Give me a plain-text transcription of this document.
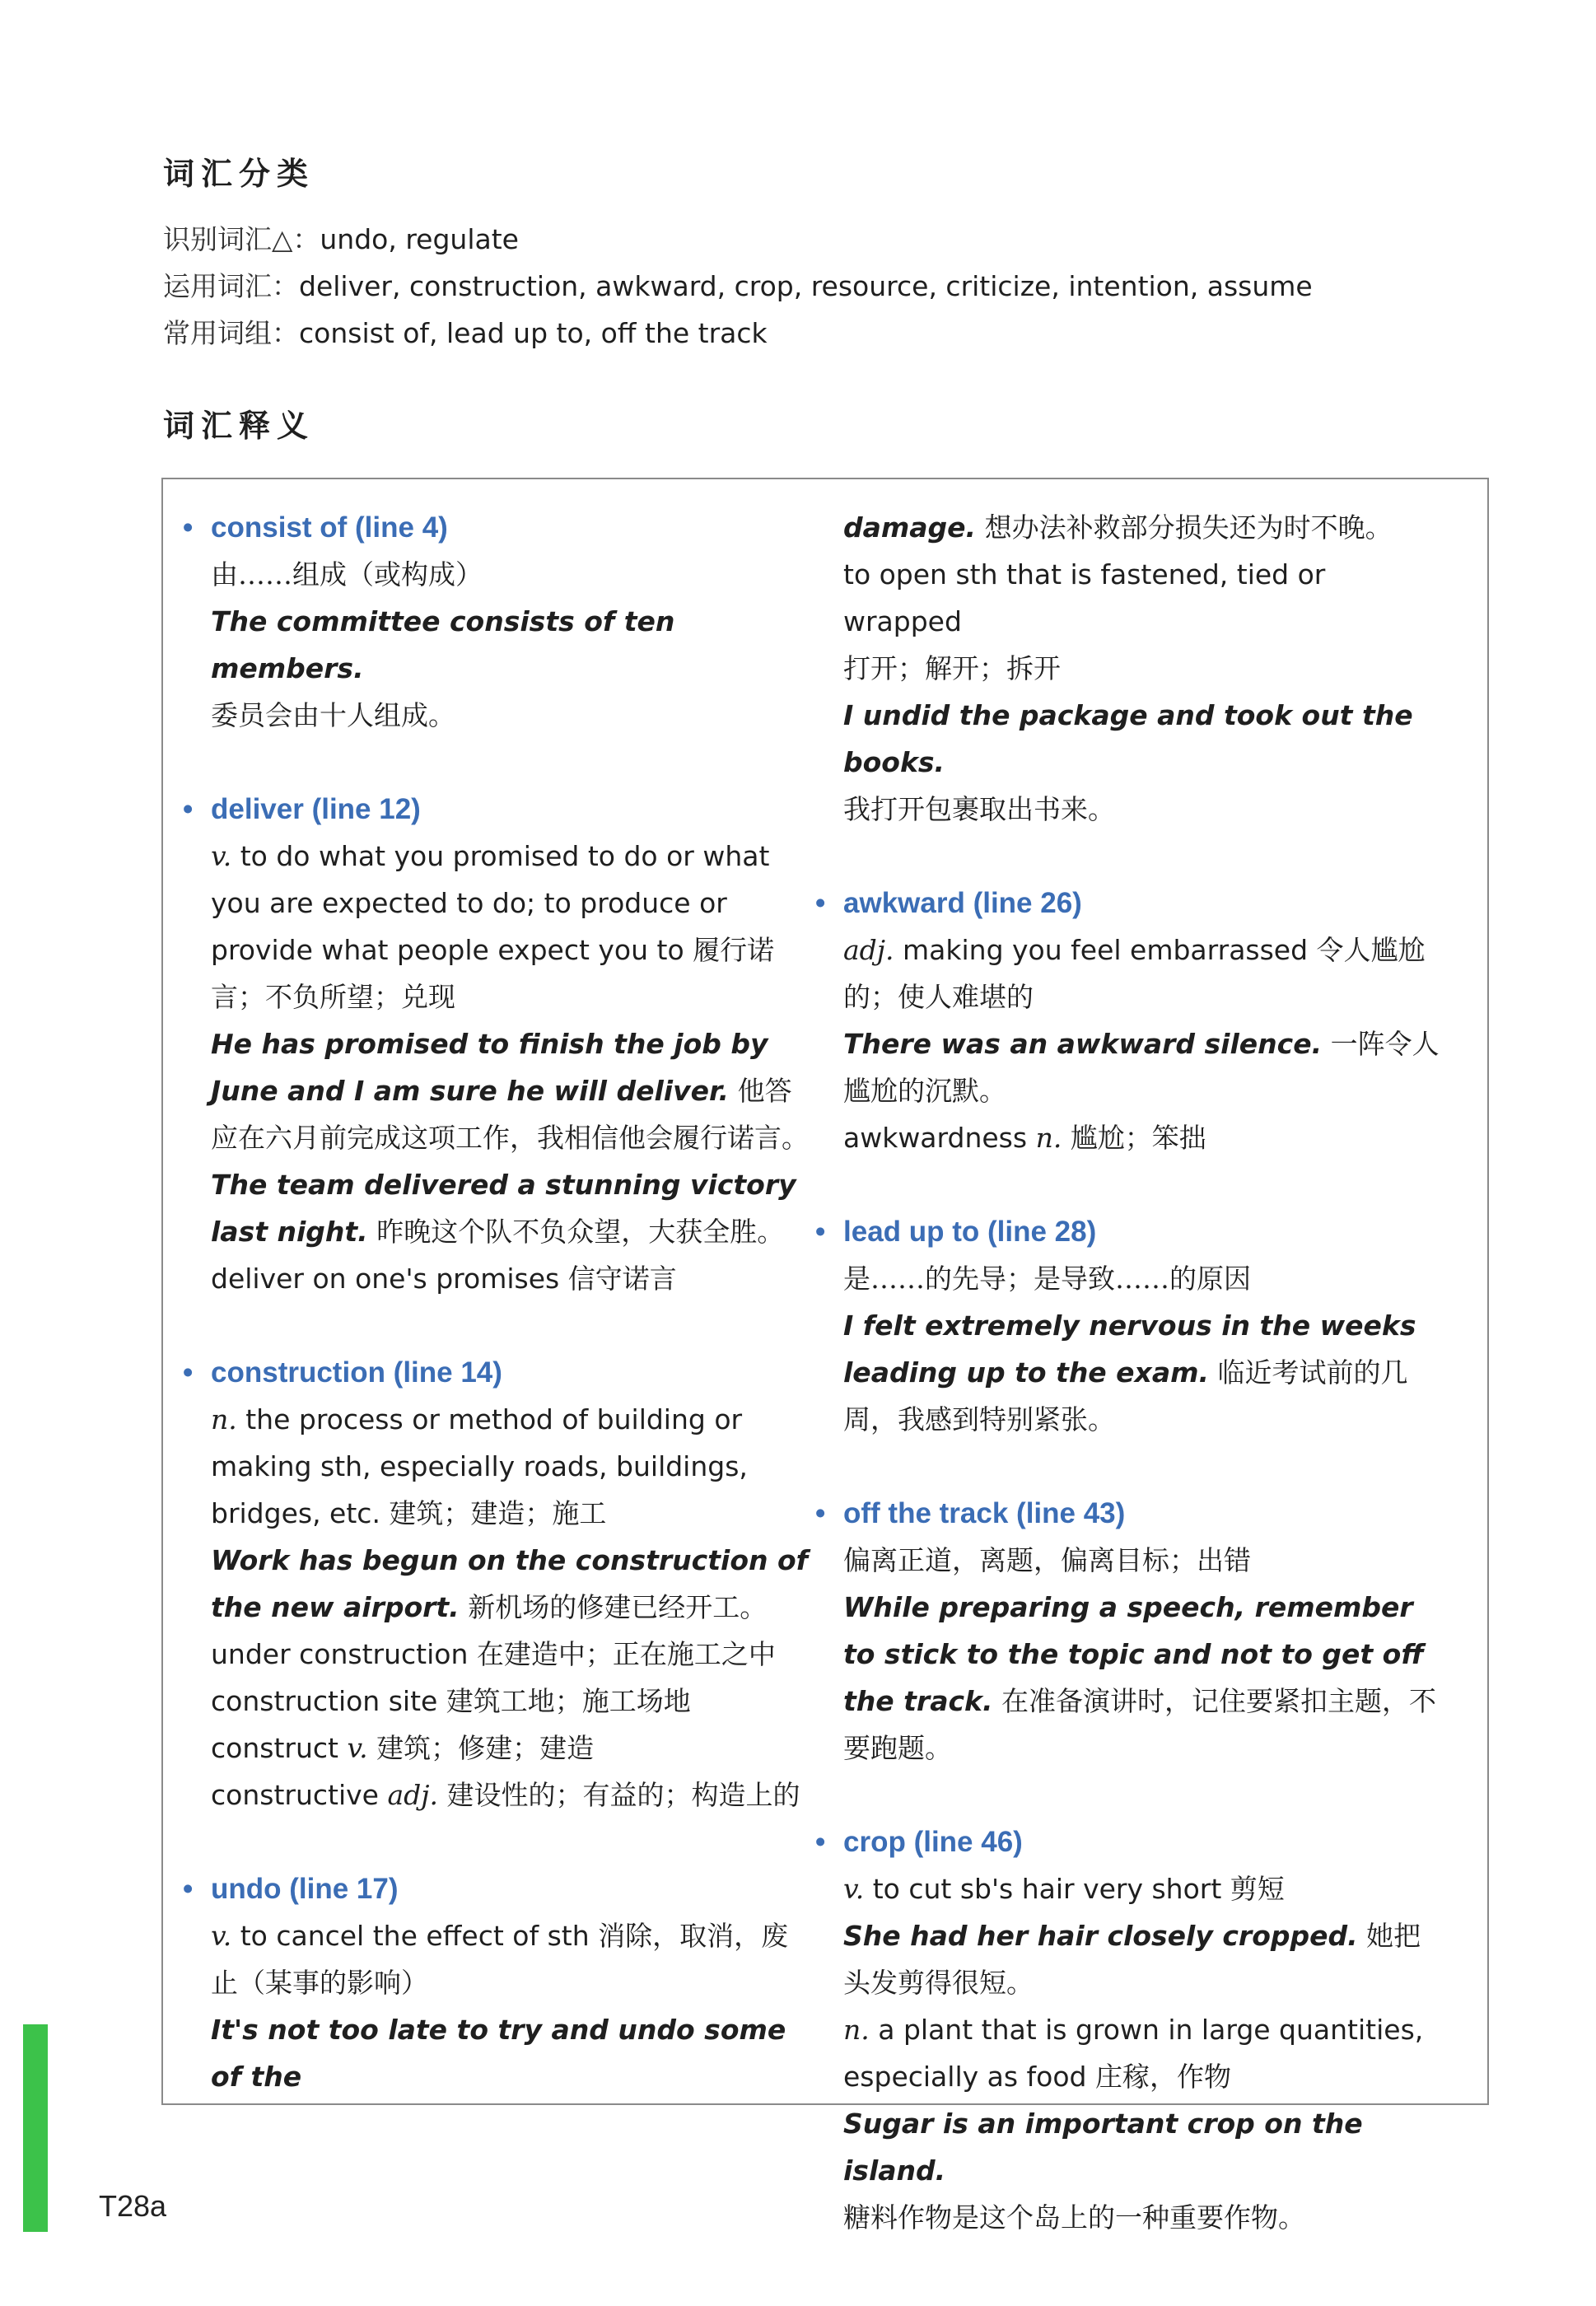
词汇分类
识别词汇△：undo, regulate
运用词汇：deliver, construction, awkward, crop, resource, criticize, intention, assume
常用词组：consist of, lead up to, off the track
词汇释义
• consist of (line 4)
由……组成（或构成）
The committee consists of ten members.
委员会由十人组成。
• deliver (line 12)
v. to do what you promised to do or what you are expected to do; to produce or provide what people expect you to 履行诺言；不负所望；兑现
He has promised to finish the job by June and I am sure he will deliver. 他答应在六月前完成这项工作，我相信他会履行诺言。
The team delivered a stunning victory last night. 昨晚这个队不负众望，大获全胜。
deliver on one's promises 信守诺言
• construction (line 14)
n. the process or method of building or making sth, especially roads, buildings, bridges, etc. 建筑；建造；施工
Work has begun on the construction of the new airport. 新机场的修建已经开工。
under construction 在建造中；正在施工之中
construction site 建筑工地；施工场地
construct v. 建筑；修建；建造
constructive adj. 建设性的；有益的；构造上的
• undo (line 17)
v. to cancel the effect of sth 消除，取消，废止（某事的影响）
It's not too late to try and undo some of the
damage. 想办法补救部分损失还为时不晚。
to open sth that is fastened, tied or wrapped
打开；解开；拆开
I undid the package and took out the books.
我打开包裹取出书来。
• awkward (line 26)
adj. making you feel embarrassed 令人尴尬的；使人难堪的
There was an awkward silence. 一阵令人尴尬的沉默。
awkwardness n. 尴尬；笨拙
• lead up to (line 28)
是……的先导；是导致……的原因
I felt extremely nervous in the weeks leading up to the exam. 临近考试前的几周，我感到特别紧张。
• off the track (line 43)
偏离正道，离题，偏离目标；出错
While preparing a speech, remember to stick to the topic and not to get off the track. 在准备演讲时，记住要紧扣主题，不要跑题。
• crop (line 46)
v. to cut sb's hair very short 剪短
She had her hair closely cropped. 她把头发剪得很短。
n. a plant that is grown in large quantities, especially as food 庄稼，作物
Sugar is an important crop on the island.
糖料作物是这个岛上的一种重要作物。
T28a
